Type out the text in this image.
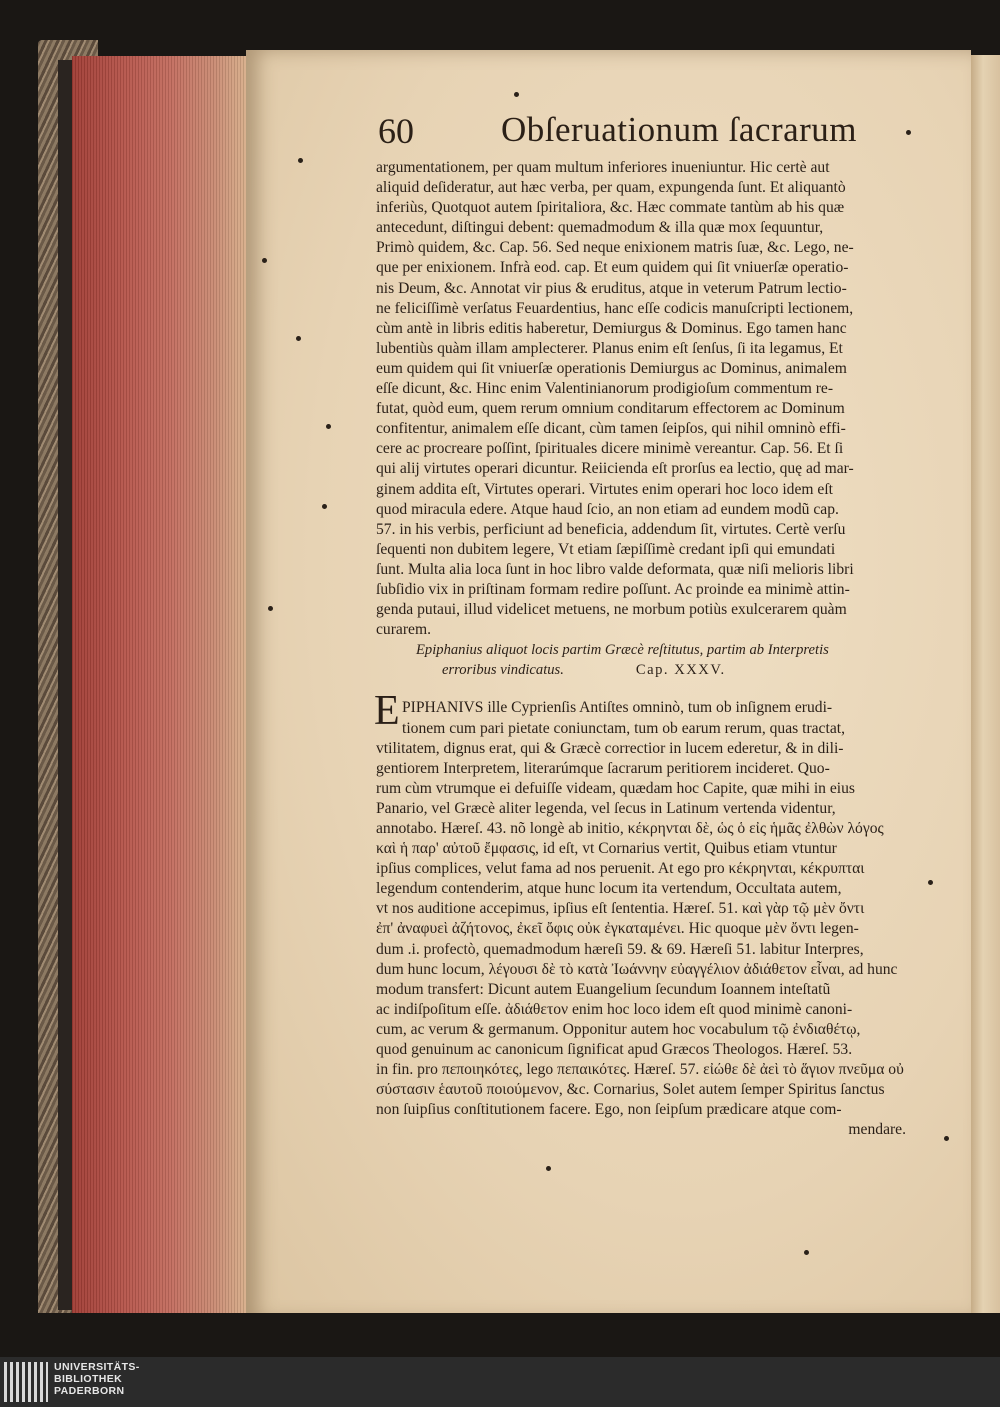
60 Obſeruationum ſacrarum
argumentationem, per quam multum inferiores inueniuntur. Hic certè aut
aliquid deſideratur, aut hæc verba, per quam, expungenda ſunt. Et aliquantò
inferiùs, Quotquot autem ſpiritaliora, &c. Hæc commate tantùm ab his quæ
antecedunt, diſtingui debent: quemadmodum & illa quæ mox ſequuntur,
Primò quidem, &c. Cap. 56. Sed neque enixionem matris ſuæ, &c. Lego, ne-
que per enixionem. Infrà eod. cap. Et eum quidem qui ſit vniuerſæ operatio-
nis Deum, &c. Annotat vir pius & eruditus, atque in veterum Patrum lectio-
ne feliciſſimè verſatus Feuardentius, hanc eſſe codicis manuſcripti lectionem,
cùm antè in libris editis haberetur, Demiurgus & Dominus. Ego tamen hanc
lubentiùs quàm illam amplecterer. Planus enim eſt ſenſus, ſi ita legamus, Et
eum quidem qui ſit vniuerſæ operationis Demiurgus ac Dominus, animalem
eſſe dicunt, &c. Hinc enim Valentinianorum prodigioſum commentum re-
futat, quòd eum, quem rerum omnium conditarum effectorem ac Dominum
confitentur, animalem eſſe dicant, cùm tamen ſeipſos, qui nihil omninò effi-
cere ac procreare poſſint, ſpirituales dicere minimè vereantur. Cap. 56. Et ſi
qui alij virtutes operari dicuntur. Reiicienda eſt prorſus ea lectio, quę ad mar-
ginem addita eſt, Virtutes operari. Virtutes enim operari hoc loco idem eſt
quod miracula edere. Atque haud ſcio, an non etiam ad eundem modũ cap.
57. in his verbis, perficiunt ad beneficia, addendum ſit, virtutes. Certè verſu
ſequenti non dubitem legere, Vt etiam ſæpiſſimè credant ipſi qui emundati
ſunt. Multa alia loca ſunt in hoc libro valde deformata, quæ niſi melioris libri
ſubſidio vix in priſtinam formam redire poſſunt. Ac proinde ea minimè attin-
genda putaui, illud videlicet metuens, ne morbum potiùs exulcerarem quàm
curarem.
Epiphanius aliquot locis partim Græcè reſtitutus, partim ab Interpretis
erroribus vindicatus.	Cap. XXXV.
E PIPHANIVS ille Cyprienſis Antiſtes omninò, tum ob inſignem erudi-
tionem cum pari pietate coniunctam, tum ob earum rerum, quas tractat,
vtilitatem, dignus erat, qui & Græcè correctior in lucem ederetur, & in dili-
gentiorem Interpretem, literarúmque ſacrarum peritiorem incideret. Quo-
rum cùm vtrumque ei defuiſſe videam, quædam hoc Capite, quæ mihi in eius
Panario, vel Græcè aliter legenda, vel ſecus in Latinum vertenda videntur,
annotabo. Hæreſ. 43. nõ longè ab initio, κέκρηνται δὲ, ὡς ὁ εἰς ἡμᾶς ἐλθὼν λόγος
καὶ ἡ παρ' αὐτοῦ ἔμφασις, id eſt, vt Cornarius vertit, Quibus etiam vtuntur
ipſius complices, velut fama ad nos peruenit. At ego pro κέκρηνται, κέκρυπται
legendum contenderim, atque hunc locum ita vertendum, Occultata autem,
vt nos auditione accepimus, ipſius eſt ſententia. Hæreſ. 51. καὶ γὰρ τῷ μὲν ὄντι
ἐπ' ἀναφυεὶ ἀζήτονος, ἐκεῖ ὄφις οὐκ ἐγκαταμένει. Hic quoque μὲν ὄντι legen-
dum .i. profectò, quemadmodum hæreſi 59. & 69. Hæreſi 51. labitur Interpres,
dum hunc locum, λέγουσι δὲ τὸ κατὰ Ἰωάννην εὐαγγέλιον ἀδιάθετον εἶναι, ad hunc
modum transfert: Dicunt autem Euangelium ſecundum Ioannem inteſtatũ
ac indiſpoſitum eſſe. ἀδιάθετον enim hoc loco idem eſt quod minimè canoni-
cum, ac verum & germanum. Opponitur autem hoc vocabulum τῷ ἐνδιαθέτῳ,
quod genuinum ac canonicum ſignificat apud Græcos Theologos. Hæreſ. 53.
in fin. pro πεποιηκότες, lego πεπαικότες. Hæreſ. 57. εἰώθε δὲ ἀεὶ τὸ ἅγιον πνεῦμα οὐ
σύστασιν ἑαυτοῦ ποιούμενον, &c. Cornarius, Solet autem ſemper Spiritus ſanctus
non ſuipſius conſtitutionem facere. Ego, non ſeipſum prædicare atque com-
mendare.
UNIVERSITÄTS-
BIBLIOTHEK
PADERBORN
